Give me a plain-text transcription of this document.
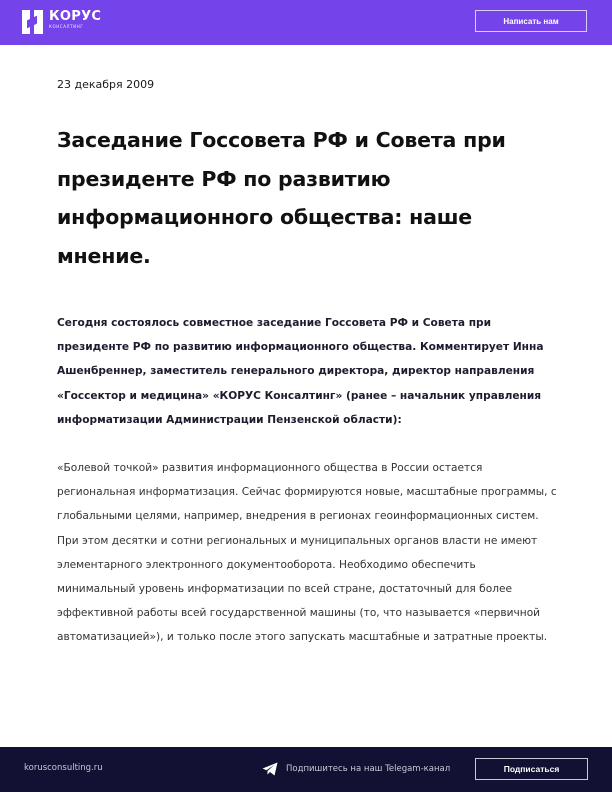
КОРУС
КОНСАЛТИНГ
Написать нам
23 декабря 2009
Заседание Госсовета РФ и Совета при президенте РФ по развитию информационного общества: наше мнение.

Сегодня состоялось совместное заседание Госсовета РФ и Совета при президенте РФ по развитию информационного общества. Комментирует Инна Ашенбреннер, заместитель генерального директора, директор направления «Госсектор и медицина» «КОРУС Консалтинг» (ранее – начальник управления информатизации Администрации Пензенской области):

«Болевой точкой» развития информационного общества в России остается региональная информатизация. Сейчас формируются новые, масштабные программы, с глобальными целями, например, внедрения в регионах геоинформационных систем. При этом десятки и сотни региональных и муниципальных органов власти не имеют элементарного электронного документооборота. Необходимо обеспечить минимальный уровень информатизации по всей стране, достаточный для более эффективной работы всей государственной машины (то, что называется «первичной автоматизацией»), и только после этого запускать масштабные и затратные проекты.

korusconsulting.ru	Подпишитесь на наш Telegam-канал	Подписаться
